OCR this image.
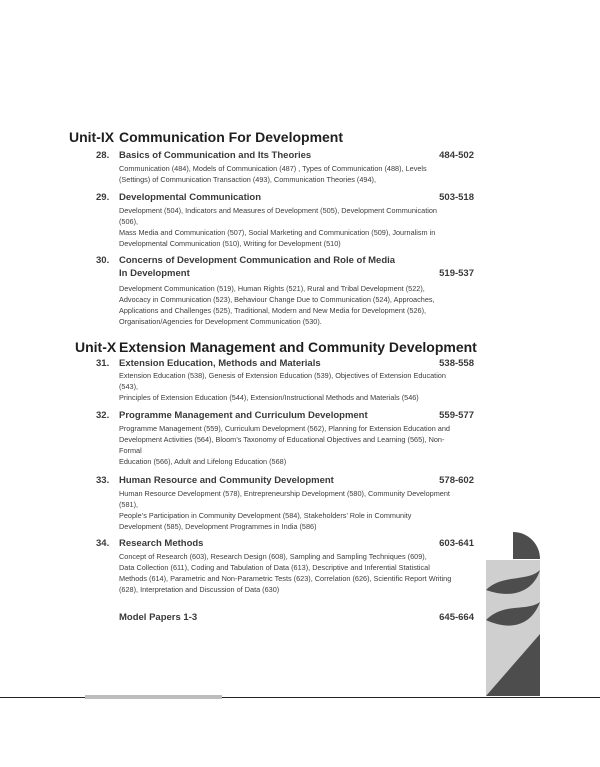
Unit-IX Communication For Development
28.	Basics of Communication and Its Theories	484-502
Communication (484), Models of Communication (487) , Types of Communication (488), Levels
(Settings) of Communication Transaction (493), Communication Theories (494),
29.	Developmental Communication	503-518
Development (504), Indicators and Measures of Development (505), Development Communication
(506),
Mass Media and Communication (507), Social Marketing and Communication (509), Journalism in
Developmental Communication (510), Writing for Development (510)
30.	Concerns of Development Communication and Role of Media
In Development	519-537
Development Communication (519), Human Rights (521), Rural and Tribal Development (522),
Advocacy in Communication (523), Behaviour Change Due to Communication (524), Approaches,
Applications and Challenges (525), Traditional, Modern and New Media for Development (526),
Organisation/Agencies for Development Communication (530).
Unit-X Extension Management and Community Development
31.	Extension Education, Methods and Materials	538-558
Extension Education (538), Genesis of Extension Education (539), Objectives of Extension Education
(543),
Principles of Extension Education (544), Extension/Instructional Methods and Materials (546)
32.	Programme Management and Curriculum Development	559-577
Programme Management (559), Curriculum Development (562), Planning for Extension Education and
Development Activities (564), Bloom’s Taxonomy of Educational Objectives and Learning (565), Non-
Formal
Education (566), Adult and Lifelong Education (568)
33.	Human Resource and Community Development	578-602
Human Resource Development (578), Entrepreneurship Development (580), Community Development
(581),
People’s Participation in Community Development (584), Stakeholders’ Role in Community
Development (585), Development Programmes in India (586)
34.	Research Methods	603-641
Concept of Research (603), Research Design (608), Sampling and Sampling Techniques (609),
Data Collection (611), Coding and Tabulation of Data (613), Descriptive and Inferential Statistical
Methods (614), Parametric and Non-Parametric Tests (623), Correlation (626), Scientific Report Writing
(628), Interpretation and Discussion of Data (630)
Model Papers 1-3	645-664
